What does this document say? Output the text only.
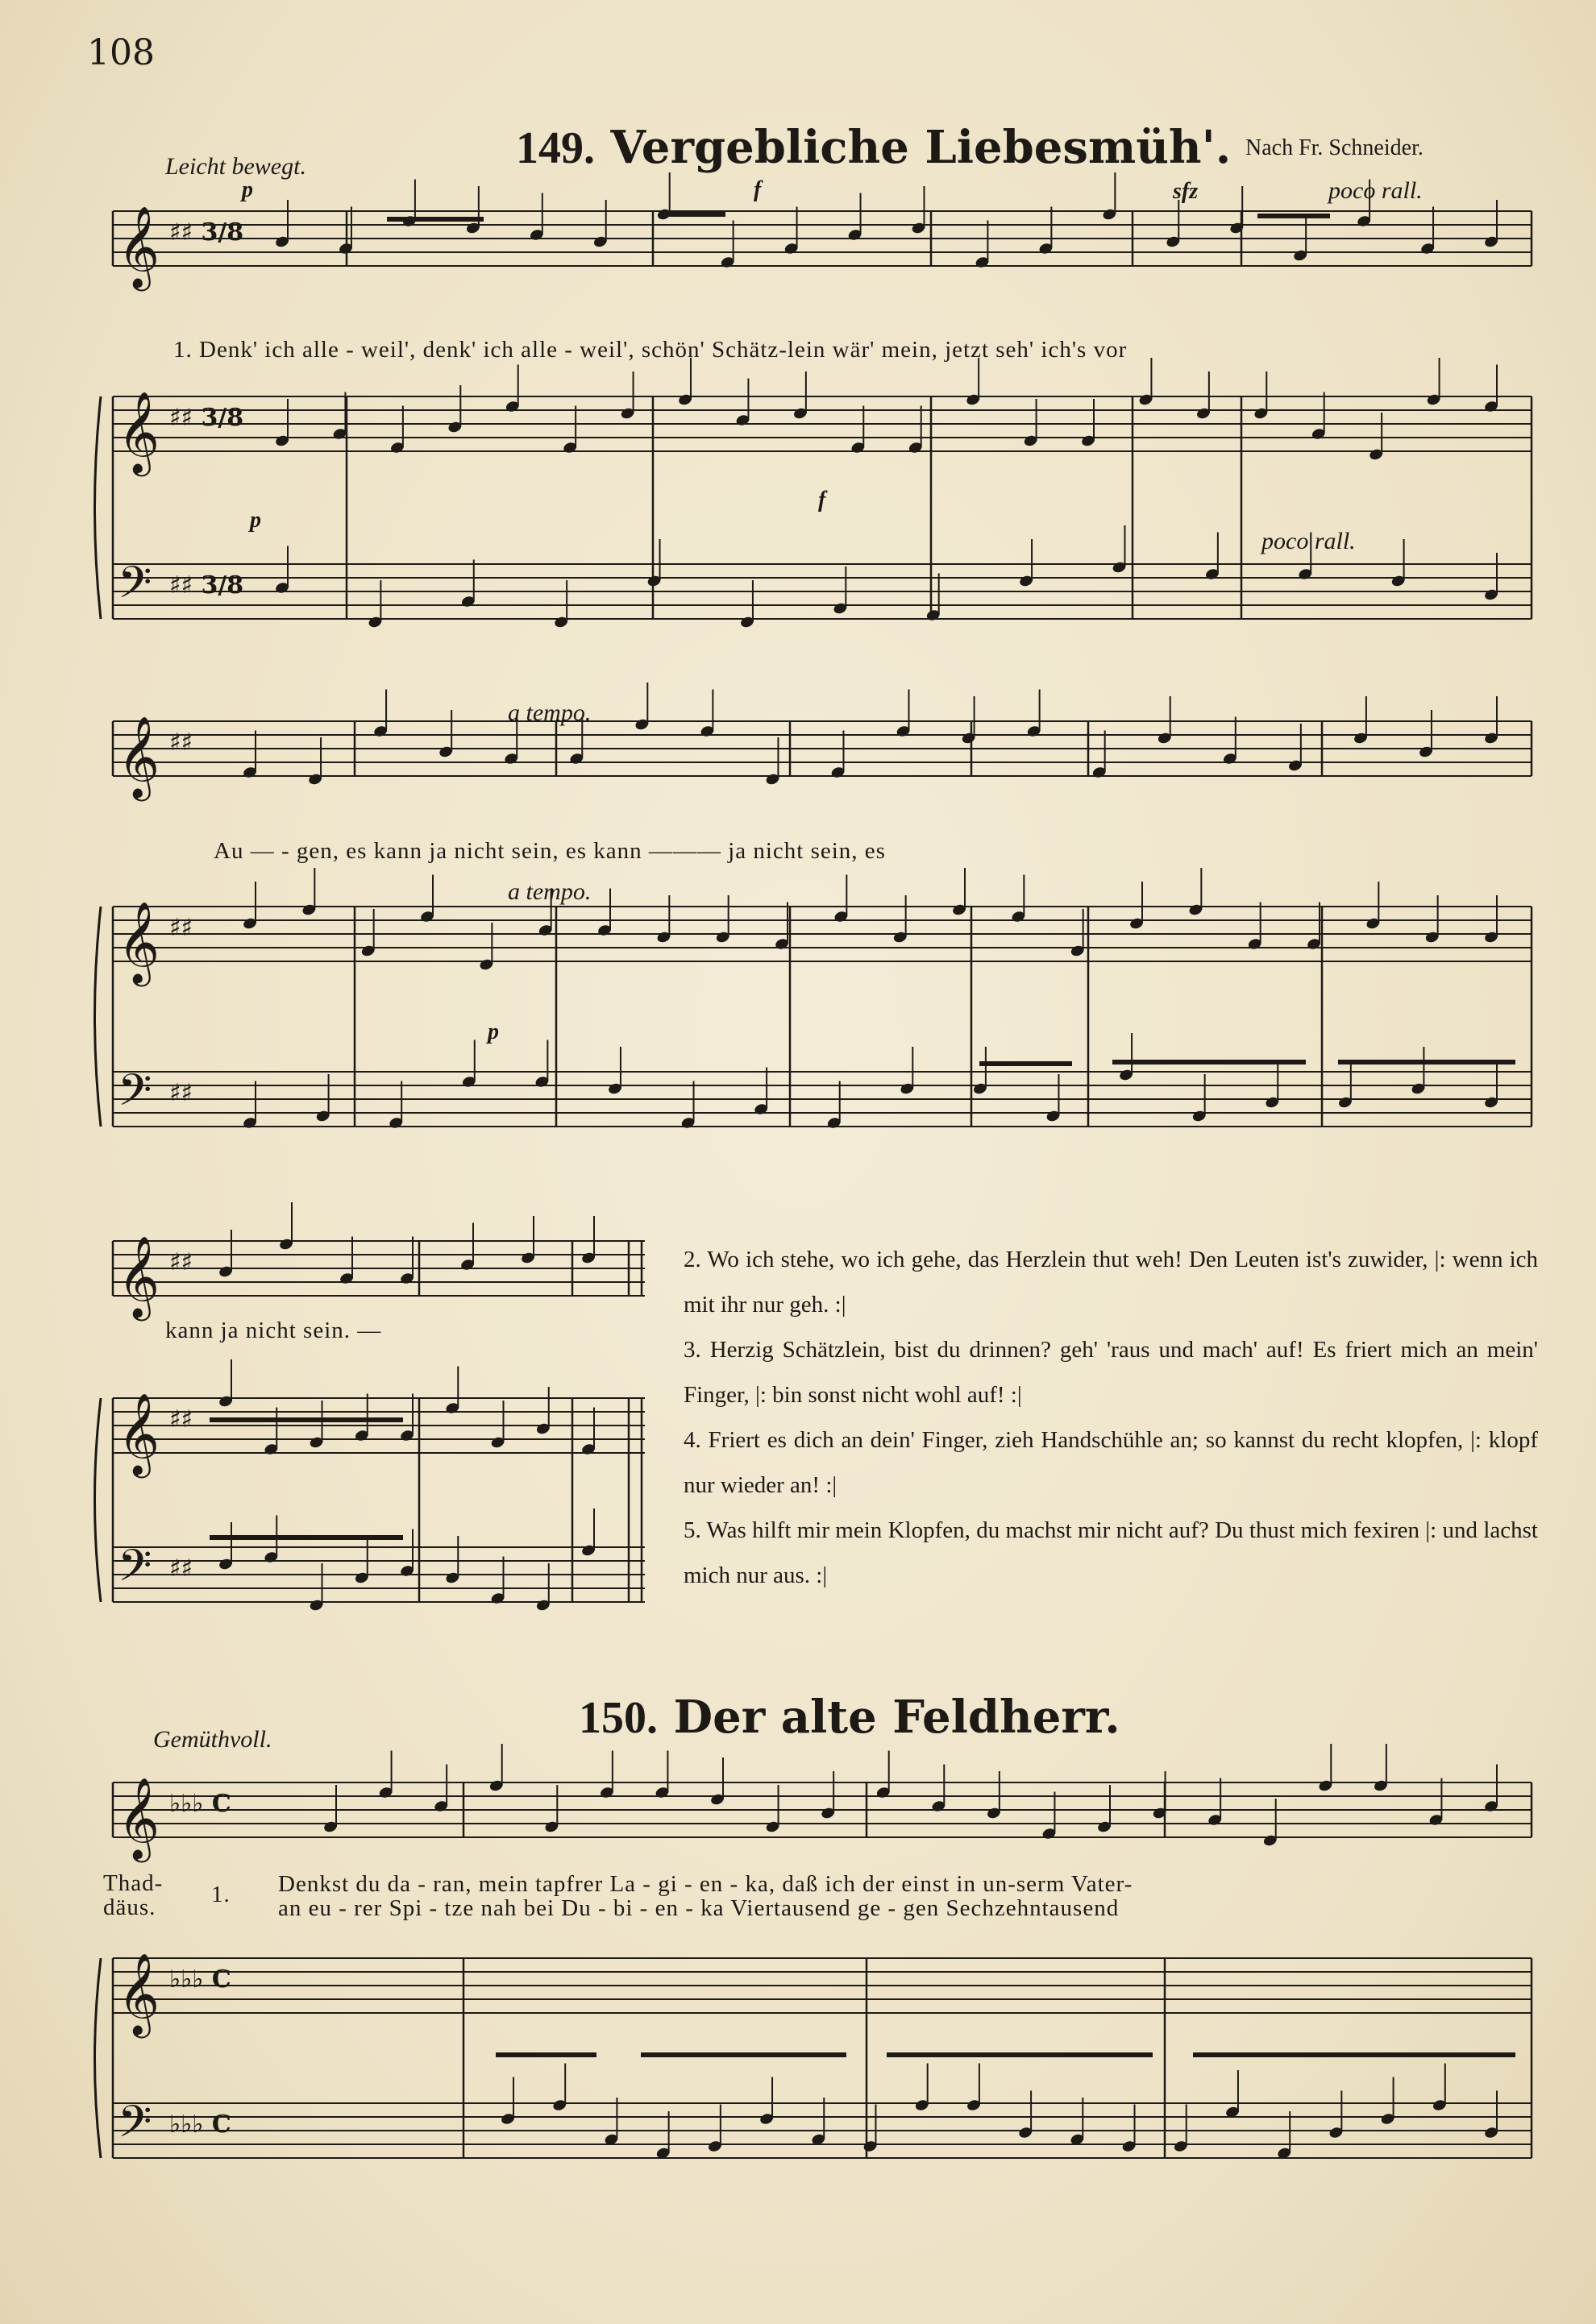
108
Leicht bewegt.	149. Vergebliche Liebesmüh'. Nach Fr. Schneider.
p	f	sfz	poco rall.
1. Denk' ich alle - weil', denk' ich alle - weil', schön' Schätz-lein wär' mein, jetzt seh' ich's vor
f
p
poco rall.
a tempo.
Au — - gen, es kann ja nicht sein, es kann ——— ja nicht sein, es
a tempo.
p
kann ja nicht sein. —

2. Wo ich stehe, wo ich gehe, das Herzlein thut weh! Den Leuten ist's zuwider, |: wenn ich mit ihr nur geh. :|

3. Herzig Schätzlein, bist du drinnen? geh' 'raus und mach' auf! Es friert mich an mein' Finger, |: bin sonst nicht wohl auf! :|

4. Friert es dich an dein' Finger, zieh Handschühle an; so kannst du recht klopfen, |: klopf nur wieder an! :|

5. Was hilft mir mein Klopfen, du machst mir nicht auf? Du thust mich fexiren |: und lachst mich nur aus. :|

Gemüthvoll.	150. Der alte Feldherr.
Thad-
däus.	1. Denkst du da - ran, mein tapfrer La - gi - en - ka, daß ich der einst in un-serm Vater-
an eu - rer Spi - tze nah bei Du - bi - en - ka Viertausend ge - gen Sechzehntausend
𝄞
𝄞
𝄢
♯♯ 3/8
♯♯ 3/8
♯♯ 3/8
𝄞
𝄞
𝄢
♯♯
♯♯
♯♯
𝄞
𝄞
𝄢
♯♯
♯♯
♯♯
𝄞
𝄞
𝄢
♭♭♭ C
♭♭♭ C
♭♭♭ C
